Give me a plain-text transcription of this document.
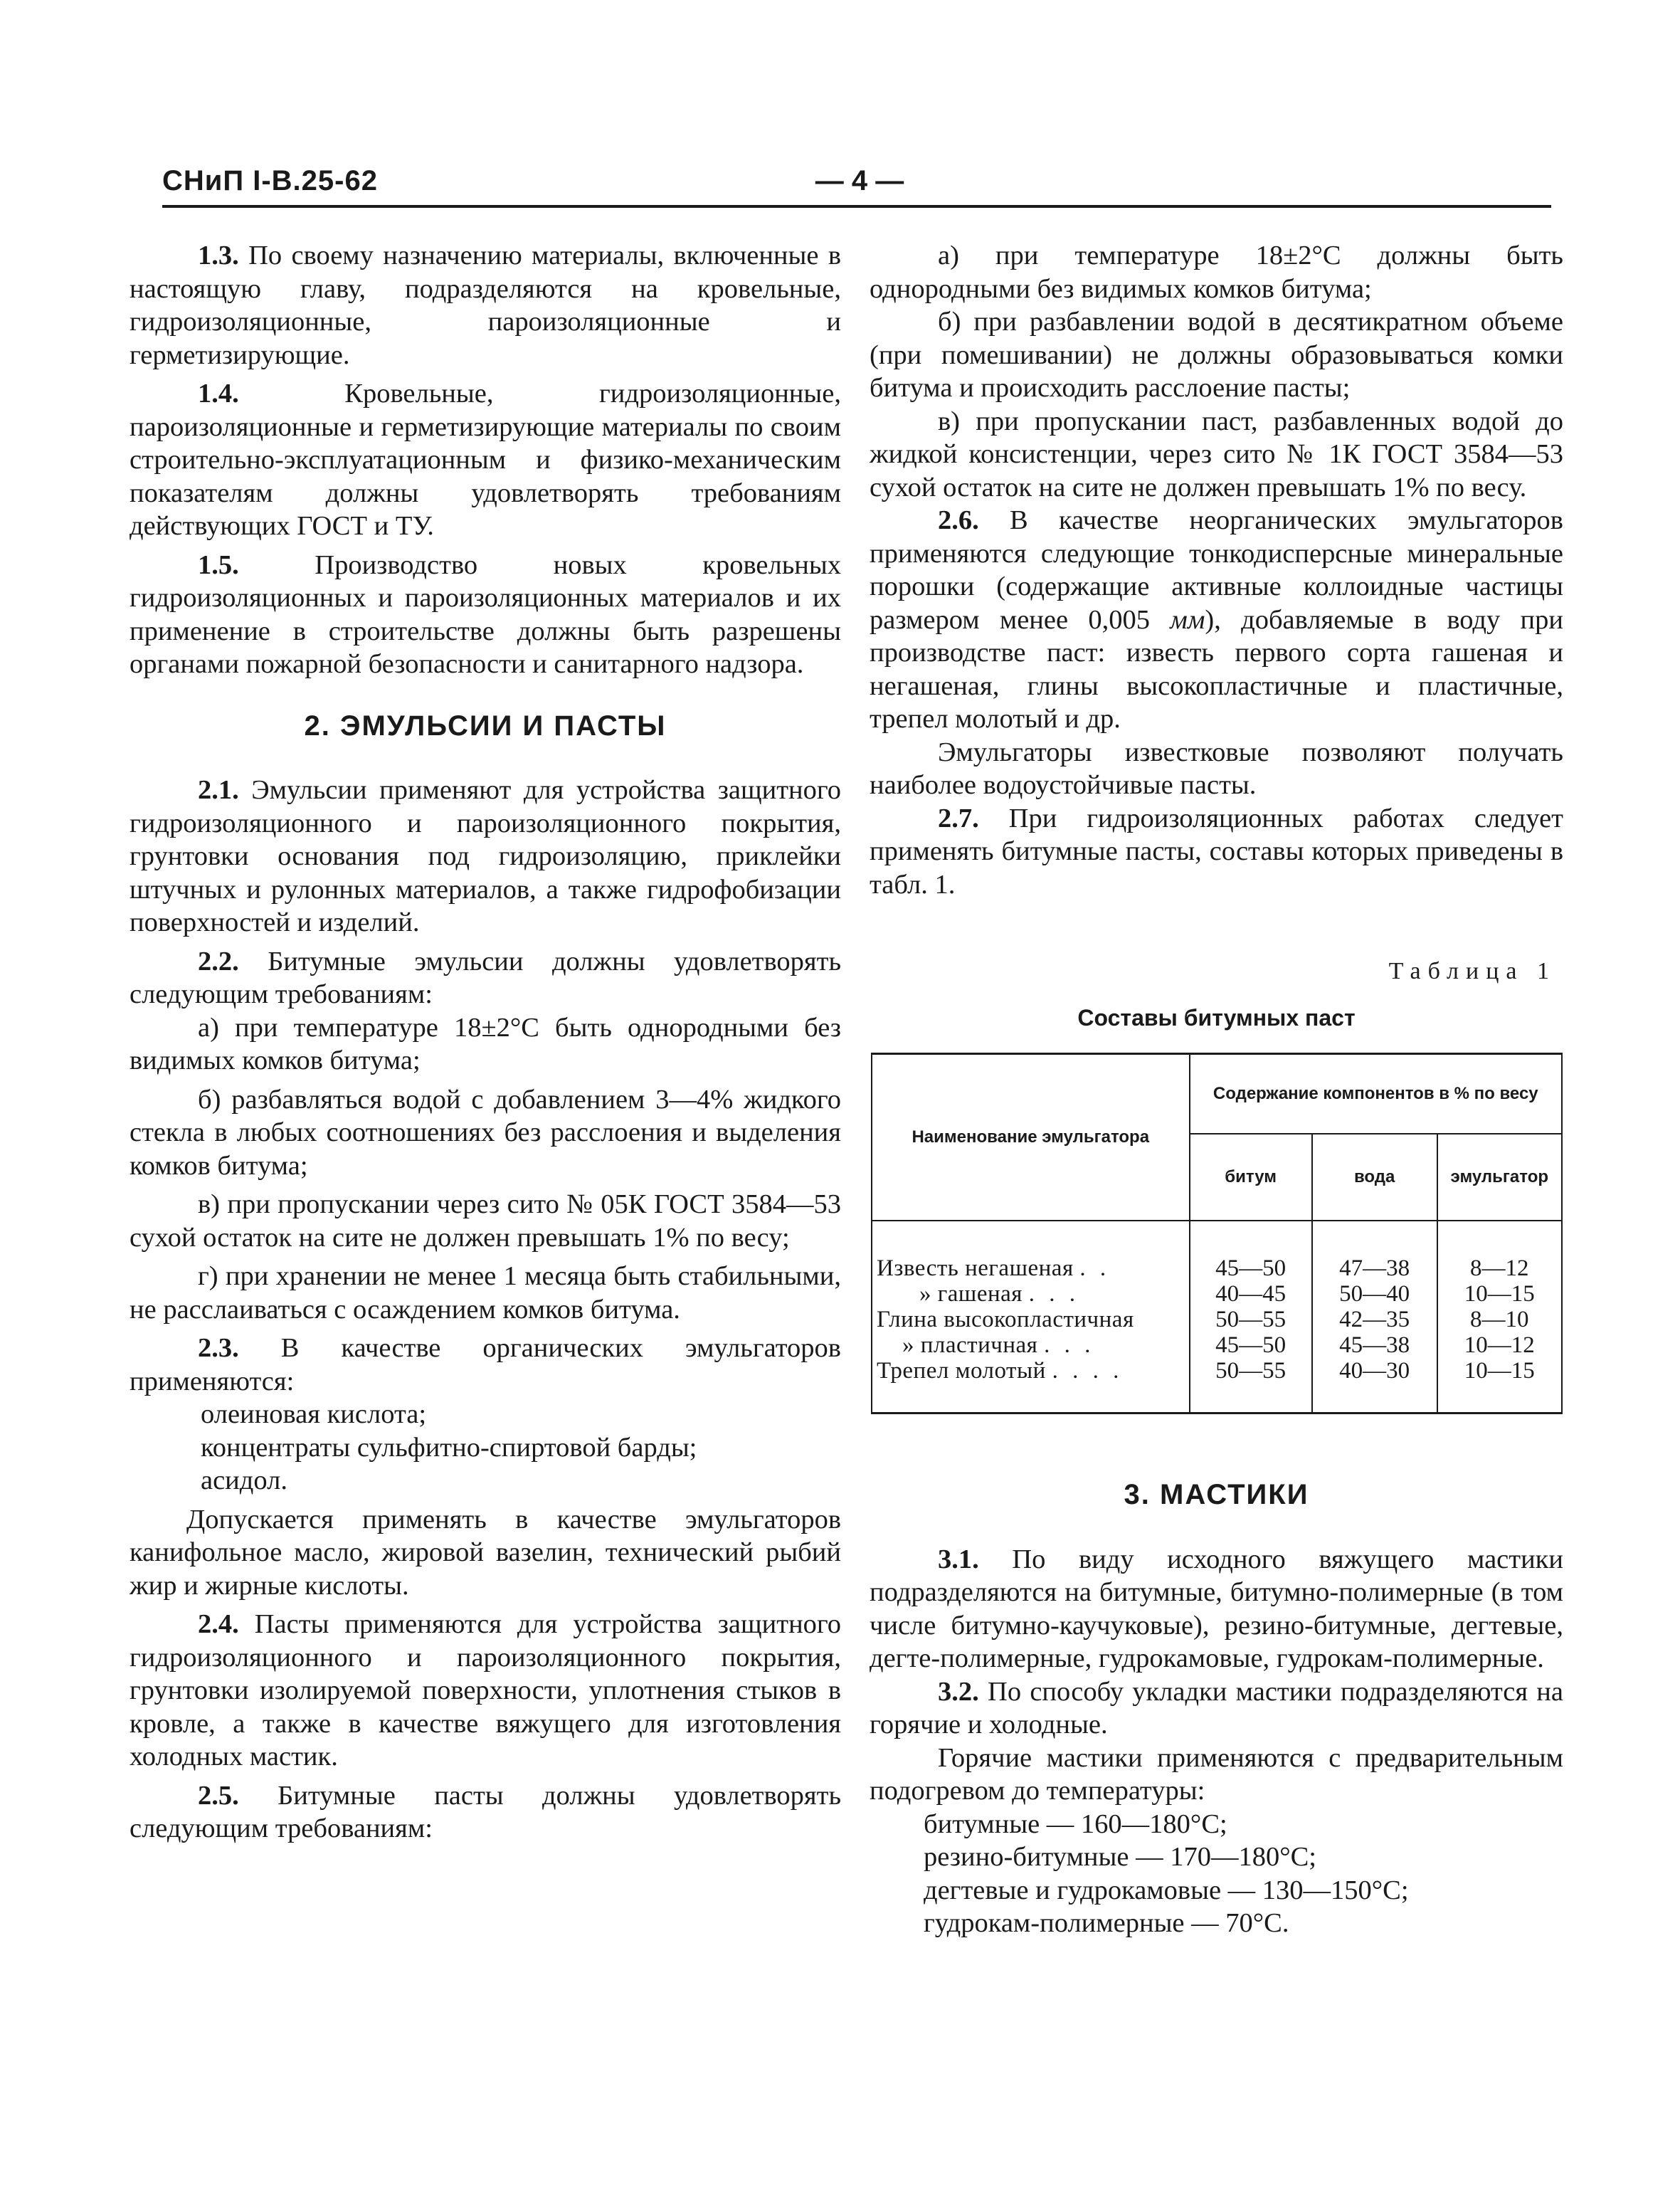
СНиП I-В.25-62	— 4 —

1.3. По своему назначению материалы, включенные в настоящую главу, подразделяются на кровельные, гидроизоляционные, пароизоляционные и герметизирующие.

1.4.	Кровельные, гидроизоляционные, пароизоляционные и герметизирующие материалы по своим строительно-эксплуатационным и физико-механическим показателям должны удовлетворять требованиям действующих ГОСТ и ТУ.

1.5.	Производство новых кровельных гидроизоляционных и пароизоляционных материалов и их применение в строительстве должны быть разрешены органами пожарной безопасности и санитарного надзора.

2. ЭМУЛЬСИИ И ПАСТЫ

2.1. Эмульсии применяют для устройства защитного гидроизоляционного и пароизоляционного покрытия, грунтовки основания под гидроизоляцию, приклейки штучных и рулонных материалов, а также гидрофобизации поверхностей и изделий.

2.2. Битумные эмульсии должны удовлетворять следующим требованиям:

а) при температуре 18±2°С быть однородными без видимых комков битума;

б) разбавляться водой с добавлением 3—4% жидкого стекла в любых соотношениях без расслоения и выделения комков битума;

в) при пропускании через сито № 05К ГОСТ 3584—53 сухой остаток на сите не должен превышать 1% по весу;

г) при хранении не менее 1 месяца быть стабильными, не расслаиваться с осаждением комков битума.

2.3. В качестве органических эмульгаторов применяются:

олеиновая кислота;
концентраты сульфитно-спиртовой барды;
асидол.

Допускается применять в качестве эмульгаторов канифольное масло, жировой вазелин, технический рыбий жир и жирные кислоты.

2.4. Пасты применяются для устройства защитного гидроизоляционного и пароизоляционного покрытия, грунтовки изолируемой поверхности, уплотнения стыков в кровле, а также в качестве вяжущего для изготовления холодных мастик.

2.5. Битумные пасты должны удовлетворять следующим требованиям:

а) при температуре 18±2°С должны быть однородными без видимых комков битума;

б) при разбавлении водой в десятикратном объеме (при помешивании) не должны образовываться комки битума и происходить расслоение пасты;

в) при пропускании паст, разбавленных водой до жидкой консистенции, через сито № 1К ГОСТ 3584—53 сухой остаток на сите не должен превышать 1% по весу.

2.6. В качестве неорганических эмульгаторов применяются следующие тонкодисперсные минеральные порошки (содержащие активные коллоидные частицы размером менее 0,005 мм), добавляемые в воду при производстве паст: известь первого сорта гашеная и негашеная, глины высокопластичные и пластичные, трепел молотый и др.

Эмульгаторы известковые позволяют получать наиболее водоустойчивые пасты.

2.7. При гидроизоляционных работах следует применять битумные пасты, составы которых приведены в табл. 1.

Таблица 1
Составы битумных паст
Наименование эмульгатора	Содержание компонентов в % по весу		
	битум	вода	эмульгатор
Известь негашеная . .	45—50	47—38	8—12
» гашеная . . .	40—45	50—40	10—15
Глина высокопластичная	50—55	42—35	8—10
» пластичная . . .	45—50	45—38	10—12
Трепел молотый . . . .	50—55	40—30	10—15
3. МАСТИКИ

3.1. По виду исходного вяжущего мастики подразделяются на битумные, битумно-полимерные (в том числе битумно-каучуковые), резино-битумные, дегтевые, дегте-полимерные, гудрокамовые, гудрокам-полимерные.

3.2. По способу укладки мастики подразделяются на горячие и холодные.

Горячие мастики применяются с предварительным подогревом до температуры:

битумные — 160—180°С;
резино-битумные — 170—180°С;
дегтевые и гудрокамовые — 130—150°С;
гудрокам-полимерные — 70°С.
